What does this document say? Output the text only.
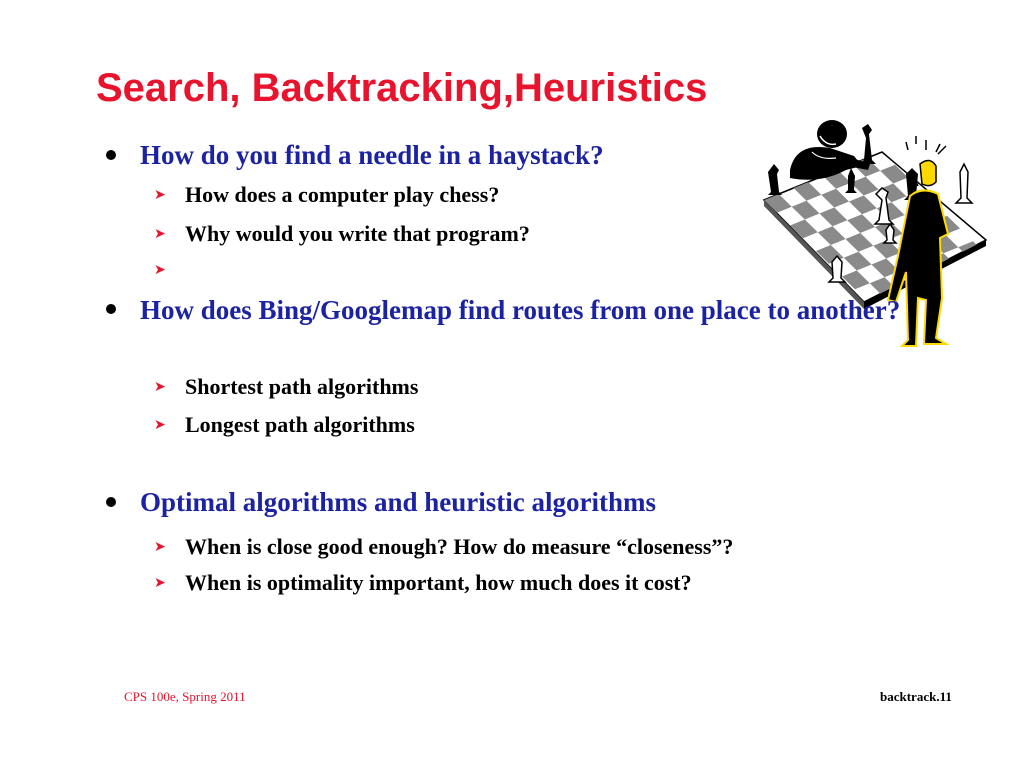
Search, Backtracking,Heuristics

How do you find a needle in a haystack?

➤ How does a computer play chess?

➤ Why would you write that program?

➤

How does Bing/Googlemap find routes from one place to another?

➤ Shortest path algorithms

➤ Longest path algorithms

Optimal algorithms and heuristic algorithms

➤ When is close good enough? How do measure “closeness”?

➤ When is optimality important, how much does it cost?

CPS 100e, Spring 2011	backtrack.11
